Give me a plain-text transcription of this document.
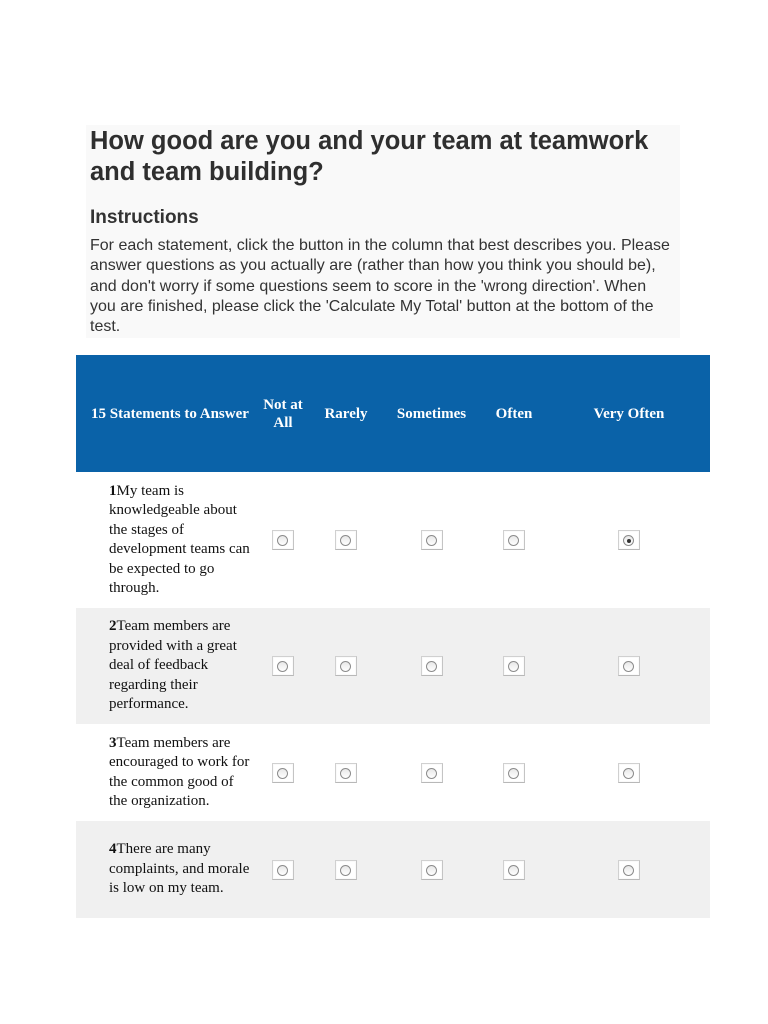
How good are you and your team at teamwork and team building?
Instructions

For each statement, click the button in the column that best describes you. Please answer questions as you actually are (rather than how you think you should be), and don't worry if some questions seem to score in the 'wrong direction'. When you are finished, please click the 'Calculate My Total' button at the bottom of the test.

15 Statements to Answer	Not at All	Rarely	Sometimes	Often	Very Often
1My team is knowledgeable about the stages of development teams can be expected to go through.	

2Team members are provided with a great deal of feedback regarding their performance.	

3Team members are encouraged to work for the common good of the organization.	

4There are many complaints, and morale is low on my team.	
